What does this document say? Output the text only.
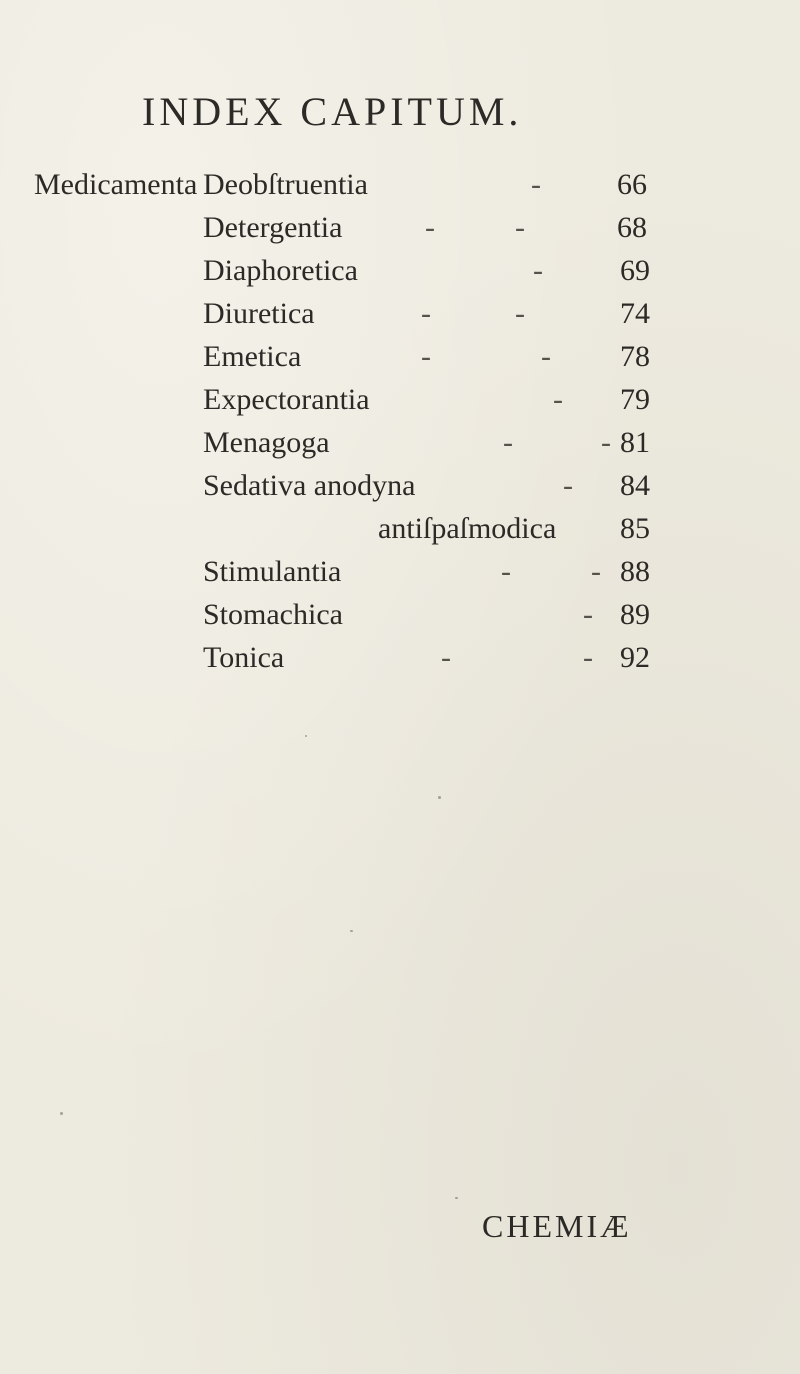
INDEX CAPITUM.
Medicamenta Deobſtruentia	-	66
Detergentia	-	-	68
Diaphoretica	-	69
Diuretica	-	-	74
Emetica	-	- 78
Expectorantia	- 79
Menagoga	-	- 81
Sedativa anodyna	- 84
antiſpaſmodica 85
Stimulantia	-	- 88
Stomachica	- 89
Tonica	-	- 92
CHEMIÆ
